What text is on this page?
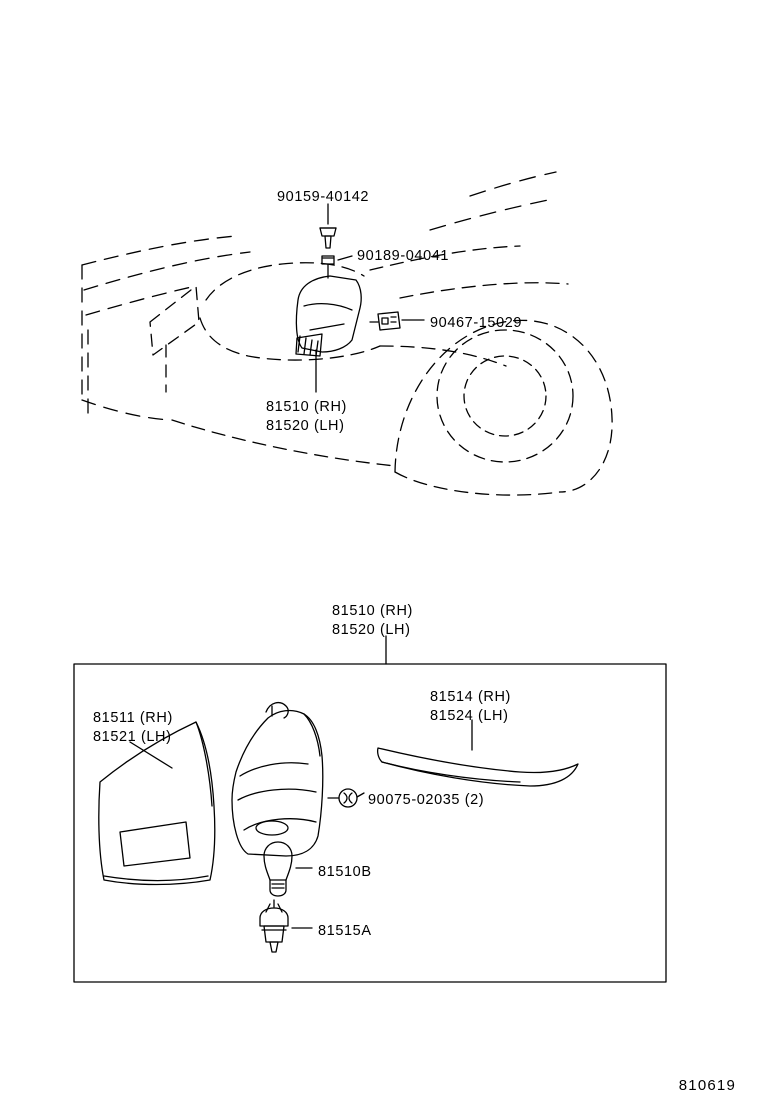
90159-40142
90189-04041
90467-15029
81510 (RH)
81520 (LH)
81510 (RH)
81520 (LH)
81511 (RH)
81521 (LH)
81514 (RH)
81524 (LH)
90075-02035 (2)
81510B
81515A
810619
